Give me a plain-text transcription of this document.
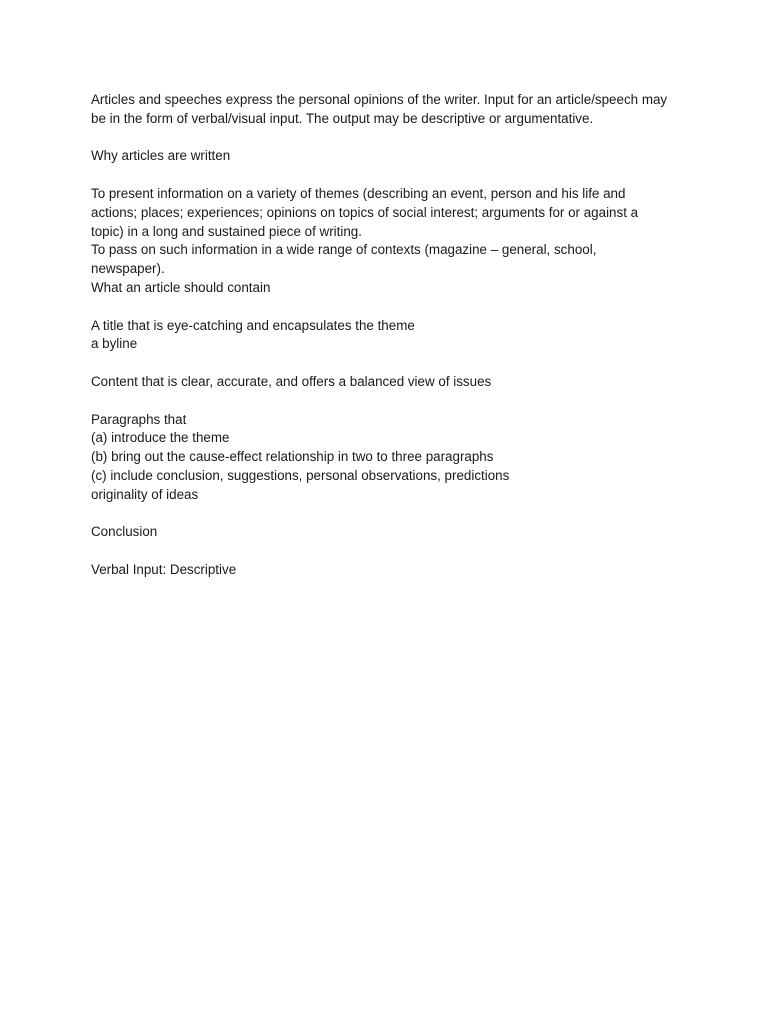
Articles and speeches express the personal opinions of the writer. Input for an article/speech may be in the form of verbal/visual input. The output may be descriptive or argumentative.

Why articles are written

To present information on a variety of themes (describing an event, person and his life and actions; places; experiences; opinions on topics of social interest; arguments for or against a topic) in a long and sustained piece of writing.

To pass on such information in a wide range of contexts (magazine – general, school, newspaper).

What an article should contain

A title that is eye-catching and encapsulates the theme

a byline

Content that is clear, accurate, and offers a balanced view of issues

Paragraphs that

(a) introduce the theme

(b) bring out the cause-effect relationship in two to three paragraphs

(c) include conclusion, suggestions, personal observations, predictions

originality of ideas

Conclusion

Verbal Input: Descriptive
